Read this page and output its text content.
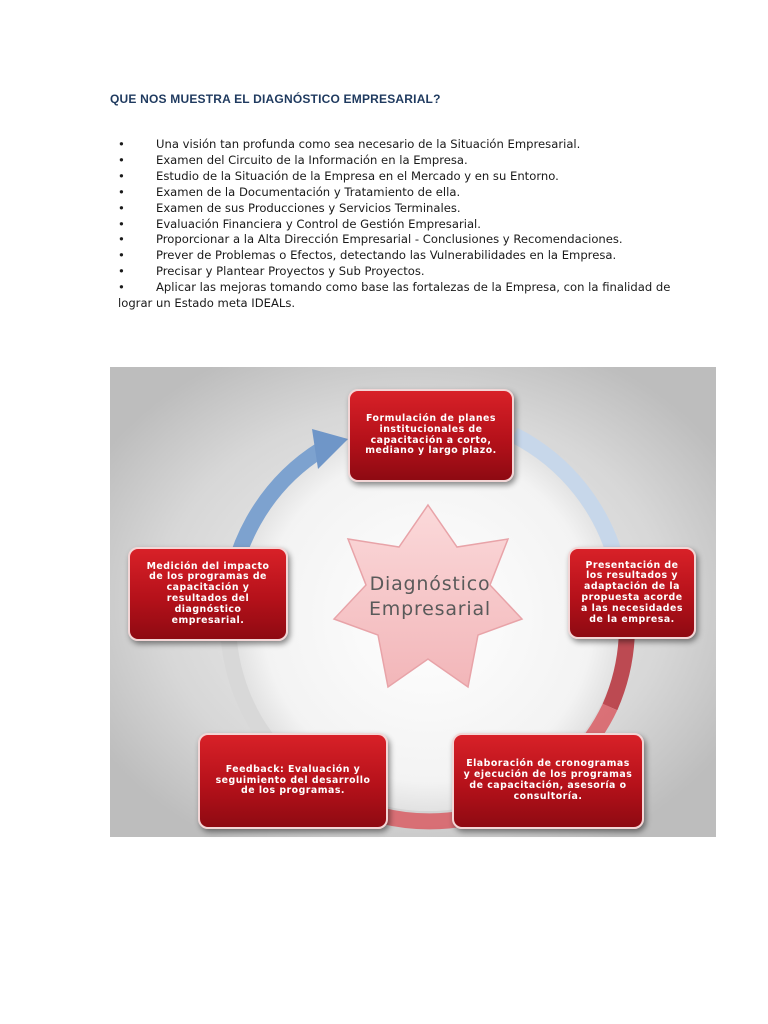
QUE NOS MUESTRA EL DIAGNÓSTICO EMPRESARIAL?
•	Una visión tan profunda como sea necesario de la Situación Empresarial.
•	Examen del Circuito de la Información en la Empresa.
•	Estudio de la Situación de la Empresa en el Mercado y en su Entorno.
•	Examen de la Documentación y Tratamiento de ella.
•	Examen de sus Producciones y Servicios Terminales.
•	Evaluación Financiera y Control de Gestión Empresarial.
•	Proporcionar a la Alta Dirección Empresarial - Conclusiones y Recomendaciones.
•	Prever de Problemas o Efectos, detectando las Vulnerabilidades en la Empresa.
•	Precisar y Plantear Proyectos y Sub Proyectos.
•	Aplicar las mejoras tomando como base las fortalezas de la Empresa, con la finalidad de lograr un Estado meta IDEALs.
Diagnóstico
Empresarial
Formulación de planes institucionales de capacitación a corto, mediano y largo plazo.
Presentación de los resultados y adaptación de la propuesta acorde a las necesidades de la empresa.
Elaboración de cronogramas y ejecución de los programas de capacitación, asesoría o consultoría.
Feedback: Evaluación y seguimiento del desarrollo de los programas.
Medición del impacto de los programas de capacitación y resultados del diagnóstico empresarial.
